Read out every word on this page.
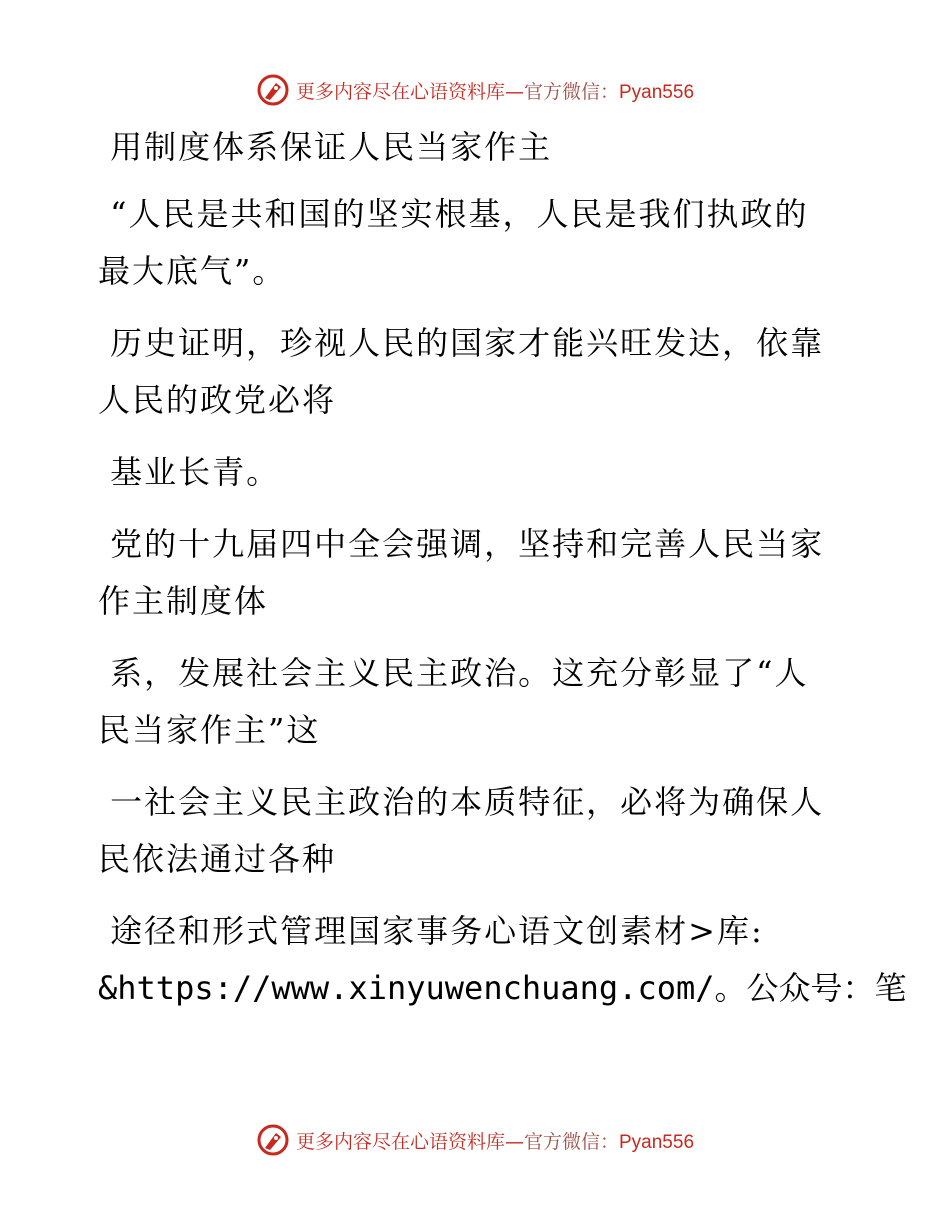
更多内容尽在心语资料库—官方微信：Pyan556
用制度体系保证人民当家作主
“人民是共和国的坚实根基，人民是我们执政的
最大底气”。
历史证明，珍视人民的国家才能兴旺发达，依靠
人民的政党必将
基业长青。
党的十九届四中全会强调，坚持和完善人民当家
作主制度体
系，发展社会主义民主政治。这充分彰显了“人
民当家作主”这
一社会主义民主政治的本质特征，必将为确保人
民依法通过各种
途径和形式管理国家事务心语文创素材>库:
&https://www.xinyuwenchuang.com/。公众号：笔
更多内容尽在心语资料库—官方微信：Pyan556
